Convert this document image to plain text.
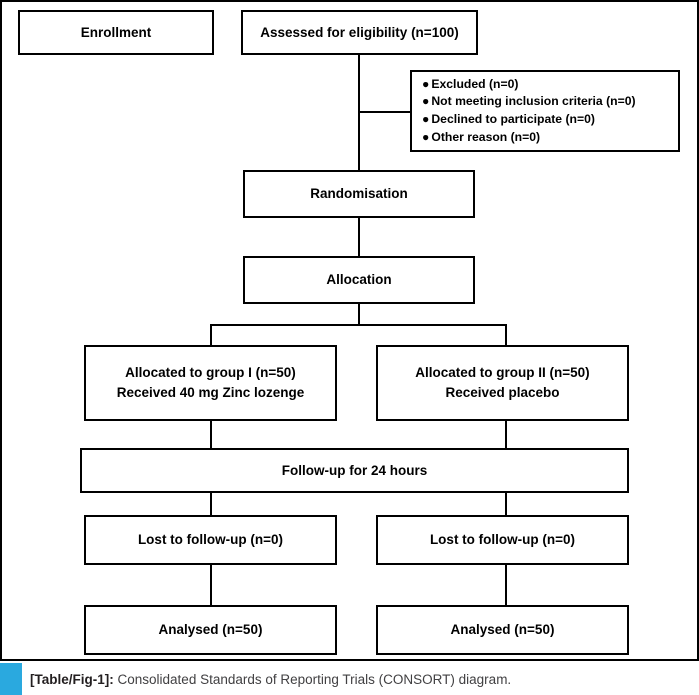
Enrollment	Assessed for eligibility (n=100)
● Excluded (n=0)
● Not meeting inclusion criteria (n=0)
● Declined to participate (n=0)
● Other reason (n=0)
Randomisation
Allocation
Allocated to group I (n=50)
Received 40 mg Zinc lozenge
Allocated to group II (n=50)
Received placebo
Follow-up for 24 hours
Lost to follow-up (n=0)	Lost to follow-up (n=0)
Analysed (n=50)	Analysed (n=50)
[Table/Fig-1]: Consolidated Standards of Reporting Trials (CONSORT) diagram.
